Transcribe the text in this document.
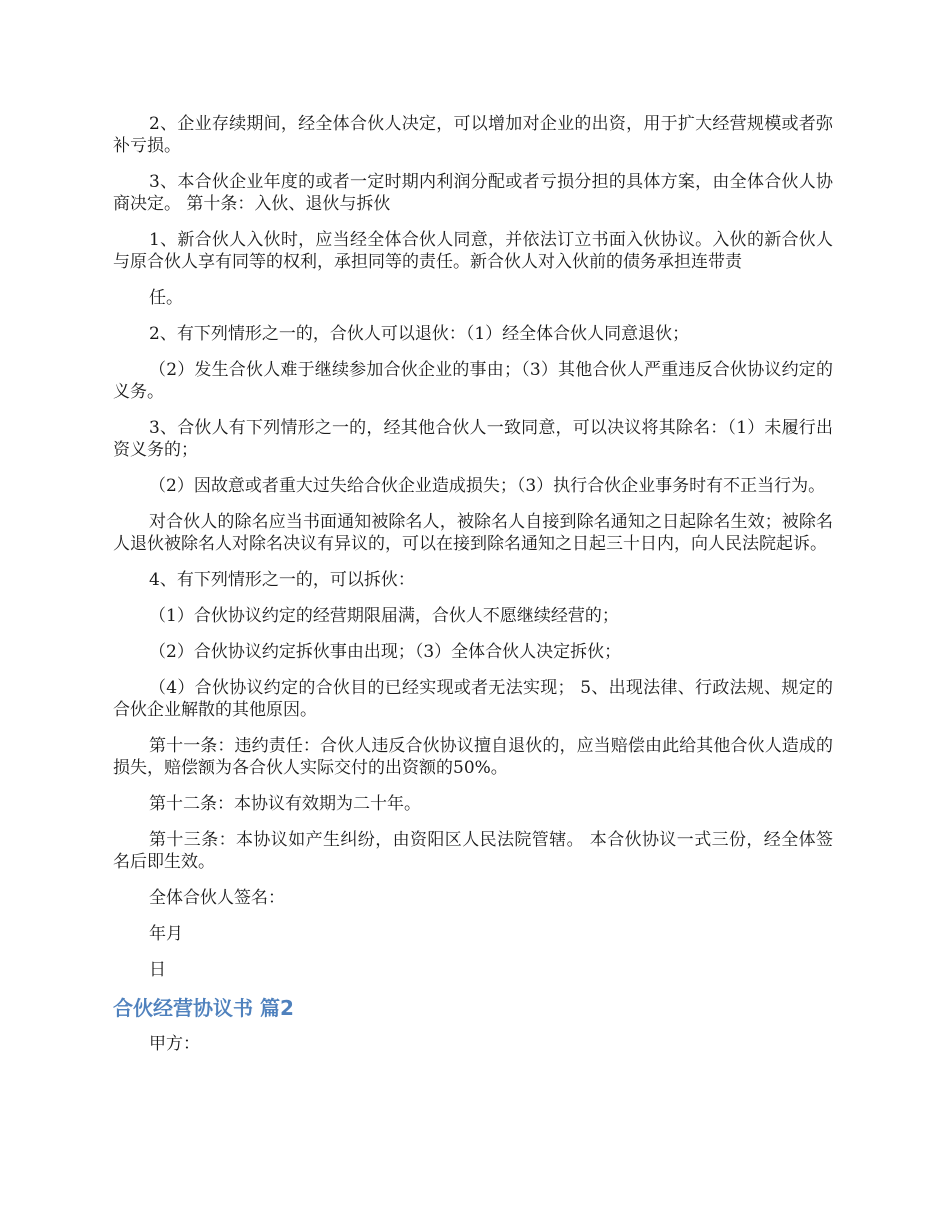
2、企业存续期间，经全体合伙人决定，可以增加对企业的出资，用于扩大经营规模或者弥补亏损。

3、本合伙企业年度的或者一定时期内利润分配或者亏损分担的具体方案，由全体合伙人协商决定。 第十条：入伙、退伙与拆伙

1、新合伙人入伙时，应当经全体合伙人同意，并依法订立书面入伙协议。入伙的新合伙人与原合伙人享有同等的权利，承担同等的责任。新合伙人对入伙前的债务承担连带责

任。

2、有下列情形之一的，合伙人可以退伙：（1）经全体合伙人同意退伙；

（2）发生合伙人难于继续参加合伙企业的事由；（3）其他合伙人严重违反合伙协议约定的义务。

3、合伙人有下列情形之一的，经其他合伙人一致同意，可以决议将其除名：（1）未履行出资义务的；

（2）因故意或者重大过失给合伙企业造成损失；（3）执行合伙企业事务时有不正当行为。

对合伙人的除名应当书面通知被除名人，被除名人自接到除名通知之日起除名生效；被除名人退伙被除名人对除名决议有异议的，可以在接到除名通知之日起三十日内，向人民法院起诉。

4、有下列情形之一的，可以拆伙：

（1）合伙协议约定的经营期限届满，合伙人不愿继续经营的；

（2）合伙协议约定拆伙事由出现；（3）全体合伙人决定拆伙；

（4）合伙协议约定的合伙目的已经实现或者无法实现； 5、出现法律、行政法规、规定的合伙企业解散的其他原因。

第十一条：违约责任：合伙人违反合伙协议擅自退伙的，应当赔偿由此给其他合伙人造成的损失，赔偿额为各合伙人实际交付的出资额的50%。

第十二条：本协议有效期为二十年。

第十三条：本协议如产生纠纷，由资阳区人民法院管辖。 本合伙协议一式三份，经全体签名后即生效。

全体合伙人签名：

年月

日

合伙经营协议书 篇2

甲方：
